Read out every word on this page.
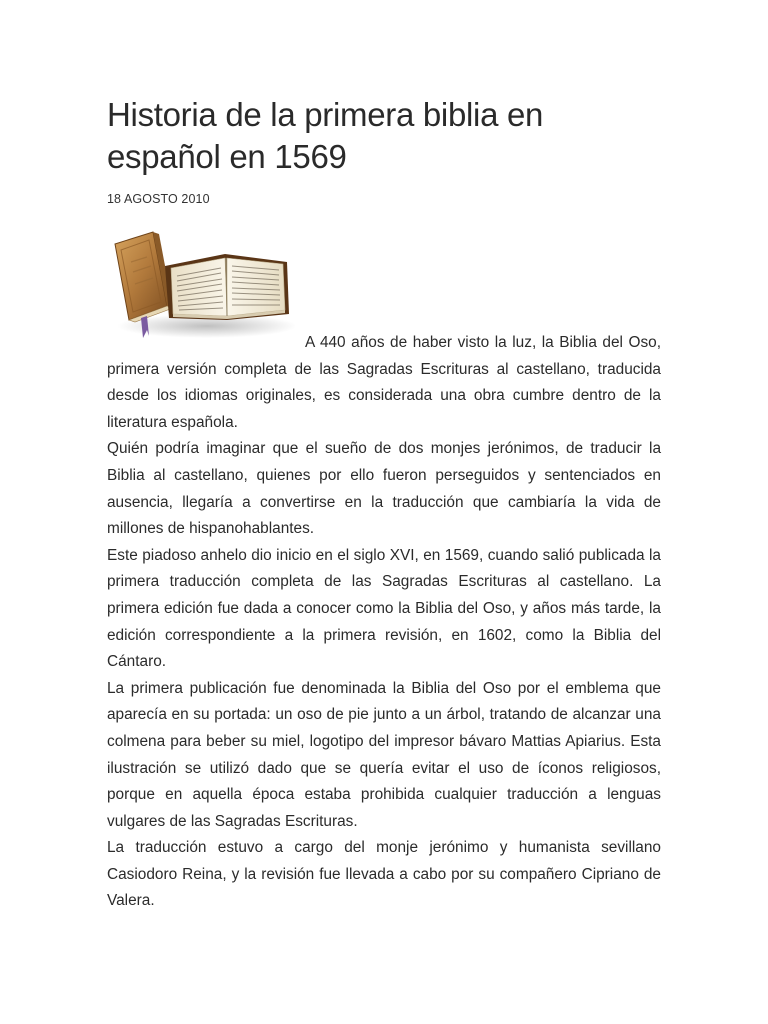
Historia de la primera biblia en español en 1569
18 AGOSTO 2010

A 440 años de haber visto la luz, la Biblia del Oso, primera versión completa de las Sagradas Escrituras al castellano, traducida desde los idiomas originales, es considerada una obra cumbre dentro de la literatura española.

Quién podría imaginar que el sueño de dos monjes jerónimos, de traducir la Biblia al castellano, quienes por ello fueron perseguidos y sentenciados en ausencia, llegaría a convertirse en la traducción que cambiaría la vida de millones de hispanohablantes.

Este piadoso anhelo dio inicio en el siglo XVI, en 1569, cuando salió publicada la primera traducción completa de las Sagradas Escrituras al castellano. La primera edición fue dada a conocer como la Biblia del Oso, y años más tarde, la edición correspondiente a la primera revisión, en 1602, como la Biblia del Cántaro.

La primera publicación fue denominada la Biblia del Oso por el emblema que aparecía en su portada: un oso de pie junto a un árbol, tratando de alcanzar una colmena para beber su miel, logotipo del impresor bávaro Mattias Apiarius. Esta ilustración se utilizó dado que se quería evitar el uso de íconos religiosos, porque en aquella época estaba prohibida cualquier traducción a lenguas vulgares de las Sagradas Escrituras.

La traducción estuvo a cargo del monje jerónimo y humanista sevillano Casiodoro Reina, y la revisión fue llevada a cabo por su compañero Cipriano de Valera.
